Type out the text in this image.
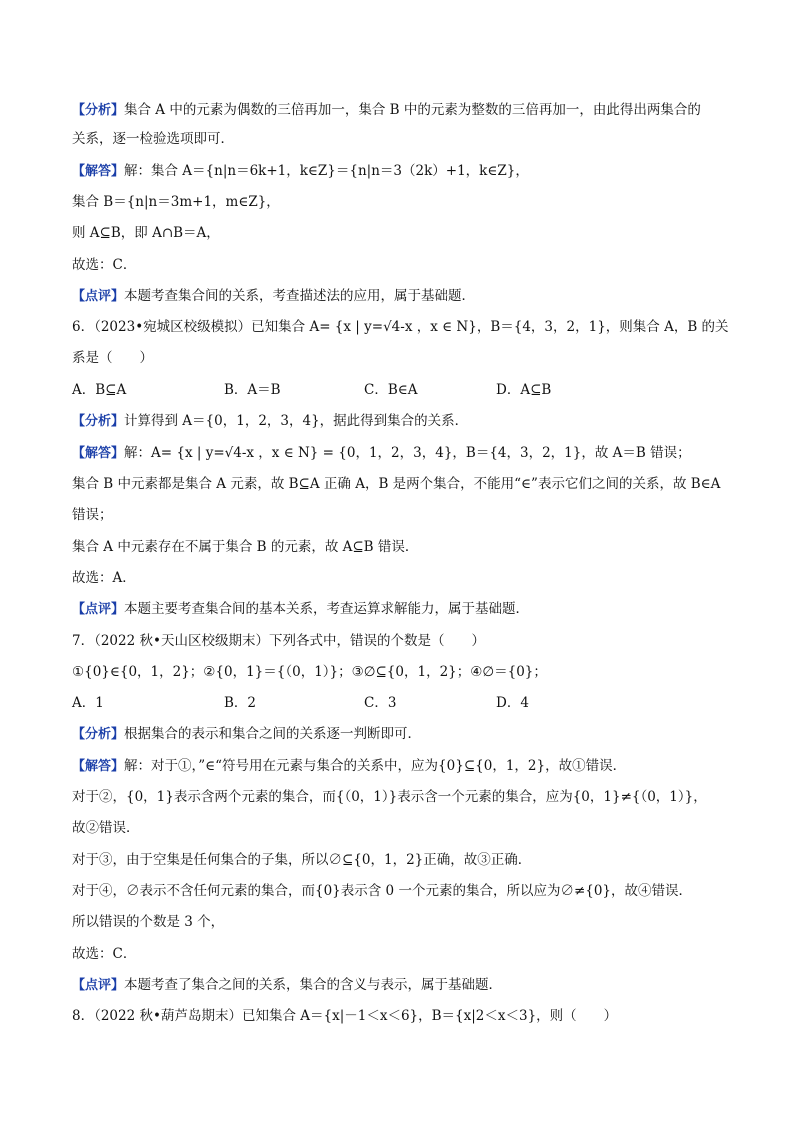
【分析】集合 A 中的元素为偶数的三倍再加一，集合 B 中的元素为整数的三倍再加一，由此得出两集合的
关系，逐一检验选项即可．
【解答】解：集合 A＝{n|n＝6k+1，k∈Z}＝{n|n＝3（2k）+1，k∈Z}，
集合 B＝{n|n＝3m+1，m∈Z}，
则 A⊆B，即 A∩B＝A，
故选：C．
【点评】本题考查集合间的关系，考查描述法的应用，属于基础题．
6．（2023•宛城区校级模拟）已知集合 A= {x | y=√4-x ，x ∈ N}，B＝{4，3，2，1}，则集合 A，B 的关
系是（　　）
A．B⊆A	B．A＝B	C．B∈A	D．A⊆B
【分析】计算得到 A＝{0，1，2，3，4}，据此得到集合的关系．
【解答】解：A= {x | y=√4-x ，x ∈ N} = {0，1，2，3，4}，B＝{4，3，2，1}，故 A＝B 错误；
集合 B 中元素都是集合 A 元素，故 B⊆A 正确 A，B 是两个集合，不能用“∈”表示它们之间的关系，故 B∈A
错误；
集合 A 中元素存在不属于集合 B 的元素，故 A⊆B 错误．
故选：A．
【点评】本题主要考查集合间的基本关系，考查运算求解能力，属于基础题．
7．（2022 秋•天山区校级期末）下列各式中，错误的个数是（　　）
①{0}∈{0，1，2}；②{0，1}＝{（0，1）}；③∅⊆{0，1，2}；④∅＝{0}；
A．1	B．2	C．3	D．4
【分析】根据集合的表示和集合之间的关系逐一判断即可．
【解答】解：对于①，”∈“符号用在元素与集合的关系中，应为{0}⊆{0，1，2}，故①错误．
对于②，{0，1}表示含两个元素的集合，而{（0，1）}表示含一个元素的集合，应为{0，1}≠{（0，1）}，
故②错误．
对于③，由于空集是任何集合的子集，所以∅⊆{0，1，2}正确，故③正确．
对于④，∅表示不含任何元素的集合，而{0}表示含 0 一个元素的集合，所以应为∅≠{0}，故④错误．
所以错误的个数是 3 个，
故选：C．
【点评】本题考查了集合之间的关系，集合的含义与表示，属于基础题．
8．（2022 秋•葫芦岛期末）已知集合 A＝{x|－1＜x＜6}，B＝{x|2＜x＜3}，则（　　）
